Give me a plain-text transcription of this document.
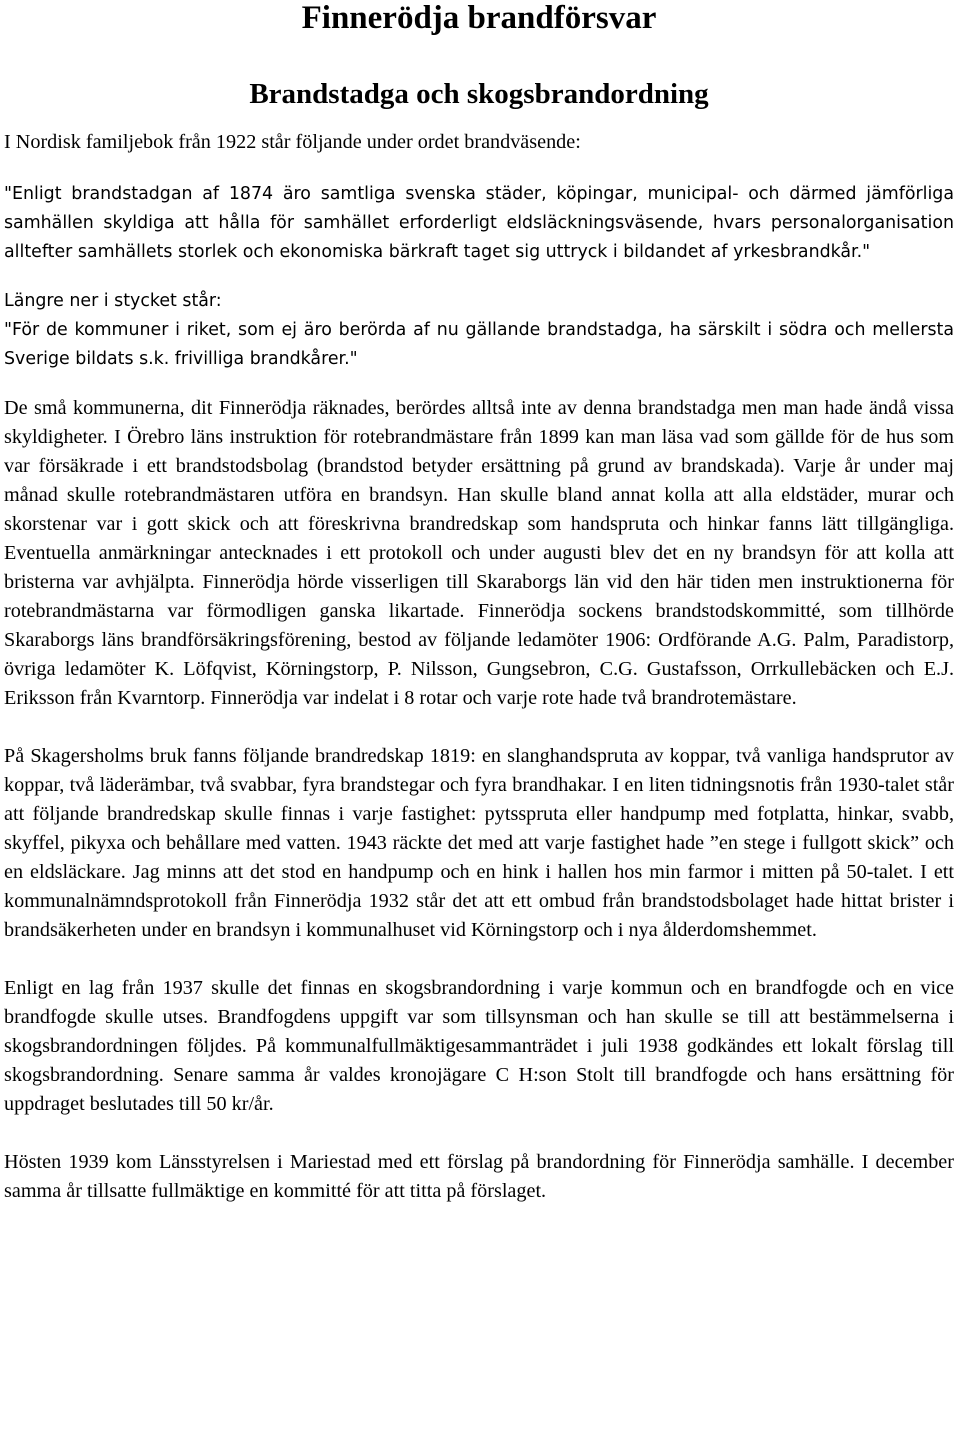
Finnerödja brandförsvar
Brandstadga och skogsbrandordning

I Nordisk familjebok från 1922 står följande under ordet brandväsende:

"Enligt brandstadgan af 1874 äro samtliga svenska städer, köpingar, municipal- och därmed jämförliga samhällen skyldiga att hålla för samhället erforderligt eldsläckningsväsende, hvars personalorganisation alltefter samhällets storlek och ekonomiska bärkraft taget sig uttryck i bildandet af yrkesbrandkår."

Längre ner i stycket står:

"För de kommuner i riket, som ej äro berörda af nu gällande brandstadga, ha särskilt i södra och mellersta Sverige bildats s.k. frivilliga brandkårer."

De små kommunerna, dit Finnerödja räknades, berördes alltså inte av denna brandstadga men man hade ändå vissa skyldigheter. I Örebro läns instruktion för rotebrandmästare från 1899 kan man läsa vad som gällde för de hus som var försäkrade i ett brandstodsbolag (brandstod betyder ersättning på grund av brandskada). Varje år under maj månad skulle rotebrandmästaren utföra en brandsyn. Han skulle bland annat kolla att alla eldstäder, murar och skorstenar var i gott skick och att föreskrivna brandredskap som handspruta och hinkar fanns lätt tillgängliga. Eventuella anmärkningar antecknades i ett protokoll och under augusti blev det en ny brandsyn för att kolla att bristerna var avhjälpta. Finnerödja hörde visserligen till Skaraborgs län vid den här tiden men instruktionerna för rotebrandmästarna var förmodligen ganska likartade. Finnerödja sockens brandstodskommitté, som tillhörde Skaraborgs läns brandförsäkringsförening, bestod av följande ledamöter 1906: Ordförande A.G. Palm, Paradistorp, övriga ledamöter K. Löfqvist, Körningstorp, P. Nilsson, Gungsebron, C.G. Gustafsson, Orrkullebäcken och E.J. Eriksson från Kvarntorp. Finnerödja var indelat i 8 rotar och varje rote hade två brandrotemästare.

På Skagersholms bruk fanns följande brandredskap 1819: en slanghandspruta av koppar, två vanliga handsprutor av koppar, två läderämbar, två svabbar, fyra brandstegar och fyra brandhakar. I en liten tidningsnotis från 1930-talet står att följande brandredskap skulle finnas i varje fastighet: pytsspruta eller handpump med fotplatta, hinkar, svabb, skyffel, pikyxa och behållare med vatten. 1943 räckte det med att varje fastighet hade ”en stege i fullgott skick” och en eldsläckare. Jag minns att det stod en handpump och en hink i hallen hos min farmor i mitten på 50-talet. I ett kommunalnämndsprotokoll från Finnerödja 1932 står det att ett ombud från brandstodsbolaget hade hittat brister i brandsäkerheten under en brandsyn i kommunalhuset vid Körningstorp och i nya ålderdomshemmet.

Enligt en lag från 1937 skulle det finnas en skogsbrandordning i varje kommun och en brandfogde och en vice brandfogde skulle utses. Brandfogdens uppgift var som tillsynsman och han skulle se till att bestämmelserna i skogsbrandordningen följdes. På kommunalfullmäktigesammanträdet i juli 1938 godkändes ett lokalt förslag till skogsbrandordning. Senare samma år valdes kronojägare C H:son Stolt till brandfogde och hans ersättning för uppdraget beslutades till 50 kr/år.

Hösten 1939 kom Länsstyrelsen i Mariestad med ett förslag på brandordning för Finnerödja samhälle. I december samma år tillsatte fullmäktige en kommitté för att titta på förslaget.
